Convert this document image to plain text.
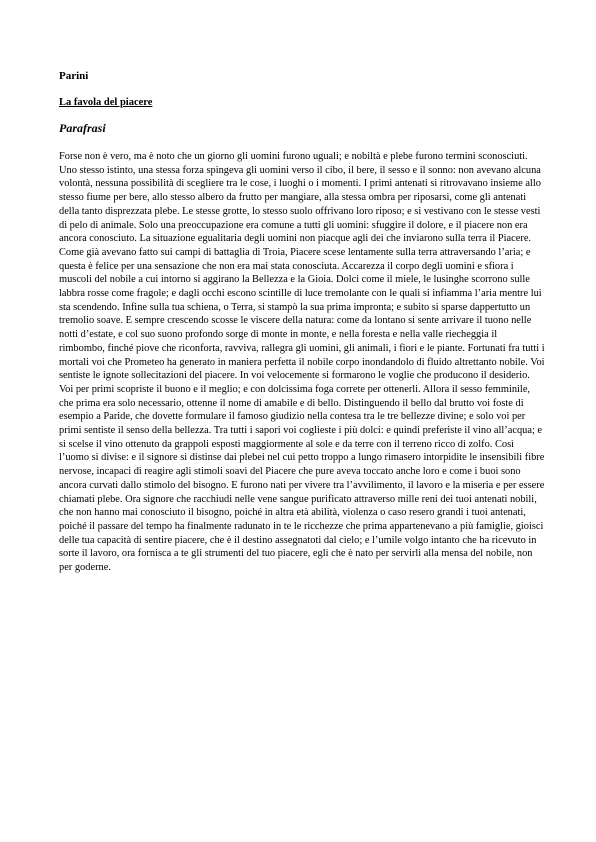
Parini

La favola del piacere

Parafrasi

Forse non è vero, ma è noto che un giorno gli uomini furono uguali; e nobiltà e plebe furono termini sconosciuti. Uno stesso istinto, una stessa forza spingeva gli uomini verso il cibo, il bere, il sesso e il sonno: non avevano alcuna volontà, nessuna possibilità di scegliere tra le cose, i luoghi o i momenti. I primi antenati si ritrovavano insieme allo stesso fiume per bere, allo stesso albero da frutto per mangiare, alla stessa ombra per riposarsi, come gli antenati della tanto disprezzata plebe. Le stesse grotte, lo stesso suolo offrivano loro riposo; e si vestivano con le stesse vesti di pelo di animale. Solo una preoccupazione era comune a tutti gli uomini: sfuggire il dolore, e il piacere non era ancora conosciuto. La situazione egualitaria degli uomini non piacque agli dei che inviarono sulla terra il Piacere. Come già avevano fatto sui campi di battaglia di Troia, Piacere scese lentamente sulla terra attraversando l’aria; e questa è felice per una sensazione che non era mai stata conosciuta. Accarezza il corpo degli uomini e sfiora i muscoli del nobile a cui intorno si aggirano la Bellezza e la Gioia. Dolci come il miele, le lusinghe scorrono sulle labbra rosse come fragole; e dagli occhi escono scintille di luce tremolante con le quali si infiamma l’aria mentre lui sta scendendo. Infine sulla tua schiena, o Terra, si stampò la sua prima impronta; e subito si sparse dappertutto un tremolio soave. E sempre crescendo scosse le viscere della natura: come da lontano si sente arrivare il tuono nelle notti d’estate, e col suo suono profondo sorge di monte in monte, e nella foresta e nella valle riecheggia il rimbombo, finché piove che riconforta, ravviva, rallegra gli uomini, gli animali, i fiori e le piante. Fortunati fra tutti i mortali voi che Prometeo ha generato in maniera perfetta il nobile corpo inondandolo di fluido altrettanto nobile. Voi sentiste le ignote sollecitazioni del piacere. In voi velocemente si formarono le voglie che producono il desiderio. Voi per primi scopriste il buono e il meglio; e con dolcissima foga correte per ottenerli. Allora il sesso femminile, che prima era solo necessario, ottenne il nome di amabile e di bello. Distinguendo il bello dal brutto voi foste di esempio a Paride, che dovette formulare il famoso giudizio nella contesa tra le tre bellezze divine; e solo voi per primi sentiste il senso della bellezza. Tra tutti i sapori voi coglieste i più dolci: e quindi preferiste il vino all’acqua; e si scelse il vino ottenuto da grappoli esposti maggiormente al sole e da terre con il terreno ricco di zolfo. Così l’uomo si divise: e il signore si distinse dai plebei nel cui petto troppo a lungo rimasero intorpidite le insensibili fibre nervose, incapaci di reagire agli stimoli soavi del Piacere che pure aveva toccato anche loro e come i buoi sono ancora curvati dallo stimolo del bisogno. E furono nati per vivere tra l’avvilimento, il lavoro e la miseria e per essere chiamati plebe. Ora signore che racchiudi nelle vene sangue purificato attraverso mille reni dei tuoi antenati nobili, che non hanno mai conosciuto il bisogno, poiché in altra età abilità, violenza o caso resero grandi i tuoi antenati, poiché il passare del tempo ha finalmente radunato in te le ricchezze che prima appartenevano a più famiglie, gioisci delle tua capacità di sentire piacere, che è il destino assegnatoti dal cielo; e l’umile volgo intanto che ha ricevuto in sorte il lavoro, ora fornisca a te gli strumenti del tuo piacere, egli che è nato per servirli alla mensa del nobile, non per goderne.
